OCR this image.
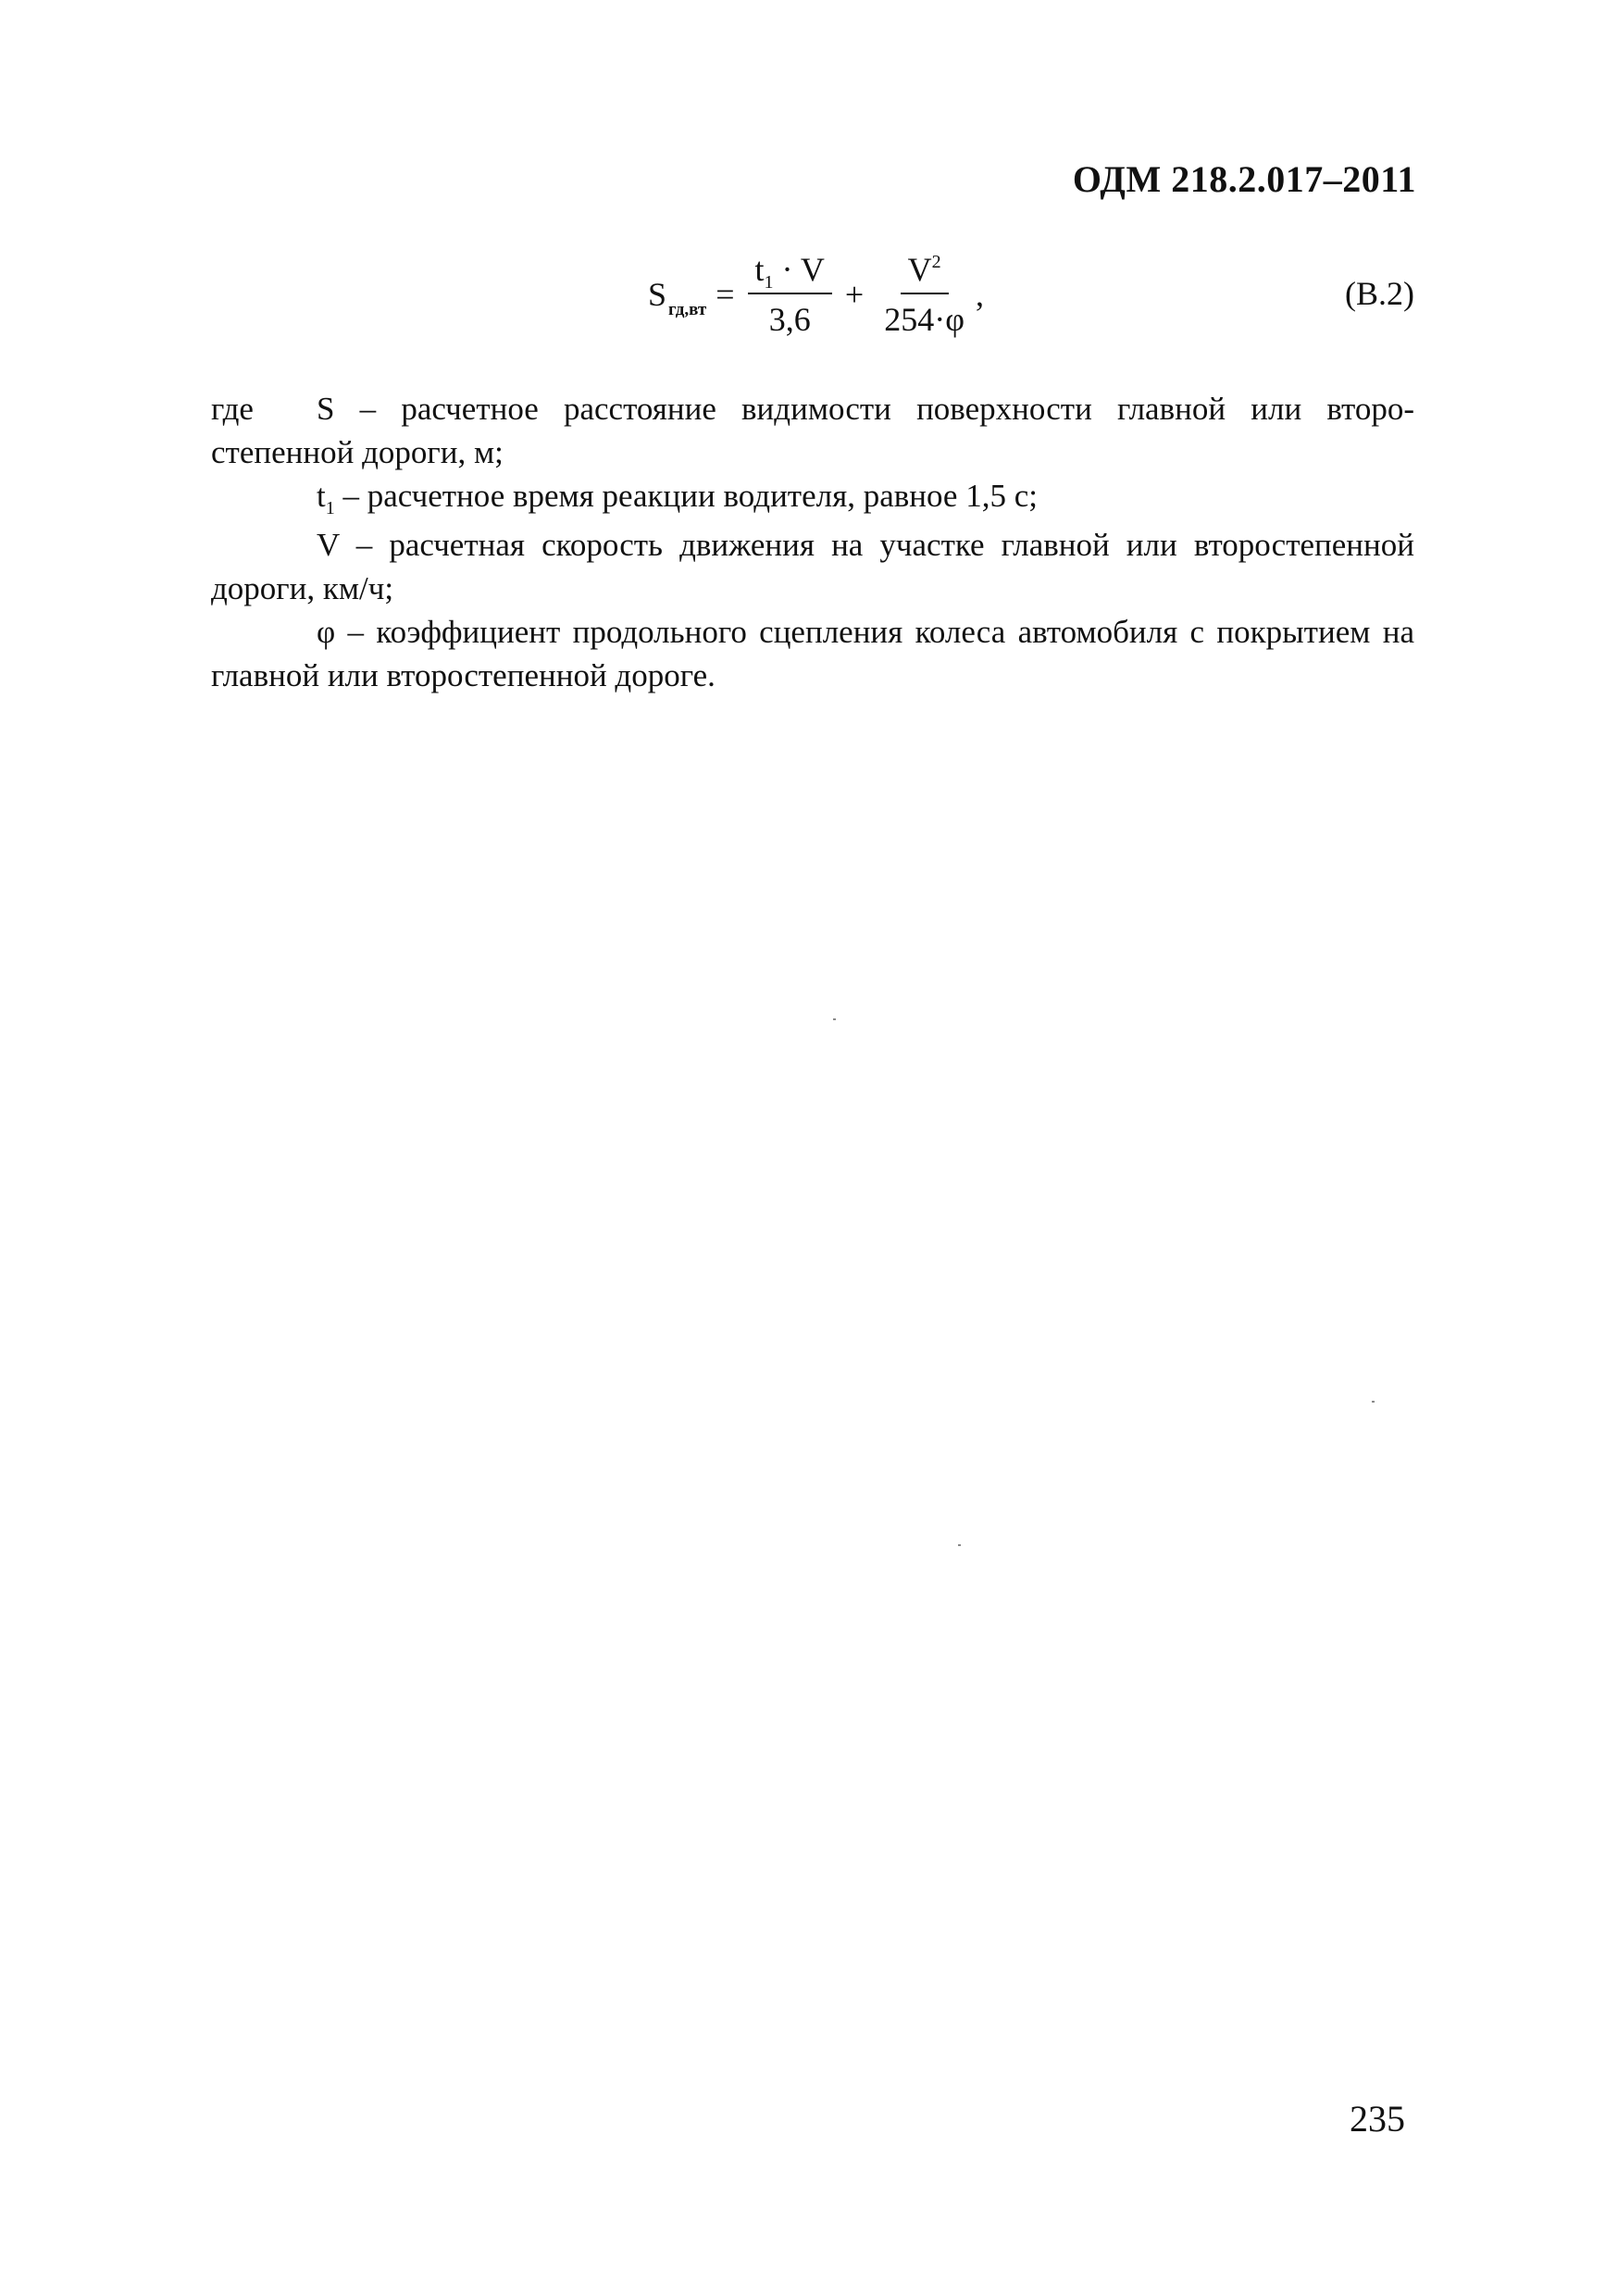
ОДМ 218.2.017–2011
S $гд,вт = \frac{t_1 \cdot V}{3,6} + \frac{V^2}{254\cdot\varphi}$ ,	(В.2)

где S – расчетное расстояние видимости поверхности главной или второ-

степенной дороги, м;

$t_1$ – расчетное время реакции водителя, равное 1,5 с;

V – расчетная скорость движения на участке главной или второстепенной дороги, км/ч;

φ – коэффициент продольного сцепления колеса автомобиля с покрытием на главной или второстепенной дороге.

235
